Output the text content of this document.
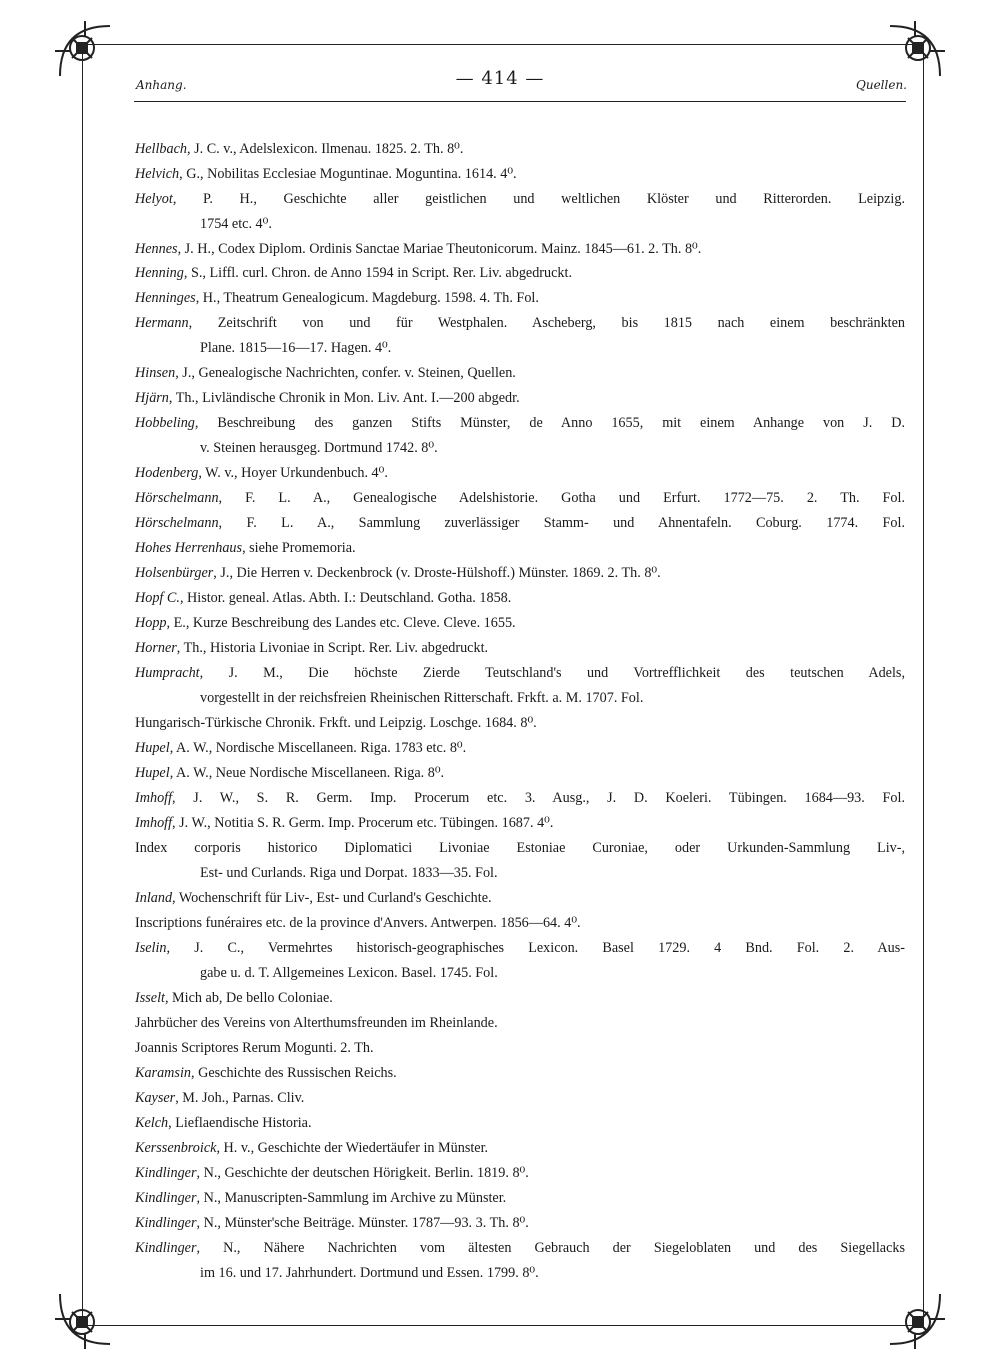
Anhang.	— 414 —	Quellen.
Hellbach, J. C. v., Adelslexicon. Ilmenau. 1825. 2. Th. 8⁰.
Helvich, G., Nobilitas Ecclesiae Moguntinae. Moguntina. 1614. 4⁰.
Helyot, P. H., Geschichte aller geistlichen und weltlichen Klöster und Ritterorden. Leipzig.
1754 etc. 4⁰.
Hennes, J. H., Codex Diplom. Ordinis Sanctae Mariae Theutonicorum. Mainz. 1845—61. 2. Th. 8⁰.
Henning, S., Liffl. curl. Chron. de Anno 1594 in Script. Rer. Liv. abgedruckt.
Henninges, H., Theatrum Genealogicum. Magdeburg. 1598. 4. Th. Fol.
Hermann, Zeitschrift von und für Westphalen. Ascheberg, bis 1815 nach einem beschränkten
Plane. 1815—16—17. Hagen. 4⁰.
Hinsen, J., Genealogische Nachrichten, confer. v. Steinen, Quellen.
Hjärn, Th., Livländische Chronik in Mon. Liv. Ant. I.—200 abgedr.
Hobbeling, Beschreibung des ganzen Stifts Münster, de Anno 1655, mit einem Anhange von J. D.
v. Steinen herausgeg. Dortmund 1742. 8⁰.
Hodenberg, W. v., Hoyer Urkundenbuch. 4⁰.
Hörschelmann, F. L. A., Genealogische Adelshistorie. Gotha und Erfurt. 1772—75. 2. Th. Fol.
Hörschelmann, F. L. A., Sammlung zuverlässiger Stamm- und Ahnentafeln. Coburg. 1774. Fol.
Hohes Herrenhaus, siehe Promemoria.
Holsenbürger, J., Die Herren v. Deckenbrock (v. Droste-Hülshoff.) Münster. 1869. 2. Th. 8⁰.
Hopf C., Histor. geneal. Atlas. Abth. I.: Deutschland. Gotha. 1858.
Hopp, E., Kurze Beschreibung des Landes etc. Cleve. Cleve. 1655.
Horner, Th., Historia Livoniae in Script. Rer. Liv. abgedruckt.
Humpracht, J. M., Die höchste Zierde Teutschland's und Vortrefflichkeit des teutschen Adels,
vorgestellt in der reichsfreien Rheinischen Ritterschaft. Frkft. a. M. 1707. Fol.
Hungarisch-Türkische Chronik. Frkft. und Leipzig. Loschge. 1684. 8⁰.
Hupel, A. W., Nordische Miscellaneen. Riga. 1783 etc. 8⁰.
Hupel, A. W., Neue Nordische Miscellaneen. Riga. 8⁰.
Imhoff, J. W., S. R. Germ. Imp. Procerum etc. 3. Ausg., J. D. Koeleri. Tübingen. 1684—93. Fol.
Imhoff, J. W., Notitia S. R. Germ. Imp. Procerum etc. Tübingen. 1687. 4⁰.
Index corporis historico Diplomatici Livoniae Estoniae Curoniae, oder Urkunden-Sammlung Liv-,
Est- und Curlands. Riga und Dorpat. 1833—35. Fol.
Inland, Wochenschrift für Liv-, Est- und Curland's Geschichte.
Inscriptions funéraires etc. de la province d'Anvers. Antwerpen. 1856—64. 4⁰.
Iselin, J. C., Vermehrtes historisch-geographisches Lexicon. Basel 1729. 4 Bnd. Fol. 2. Aus-
gabe u. d. T. Allgemeines Lexicon. Basel. 1745. Fol.
Isselt, Mich ab, De bello Coloniae.
Jahrbücher des Vereins von Alterthumsfreunden im Rheinlande.
Joannis Scriptores Rerum Mogunti. 2. Th.
Karamsin, Geschichte des Russischen Reichs.
Kayser, M. Joh., Parnas. Cliv.
Kelch, Lieflaendische Historia.
Kerssenbroick, H. v., Geschichte der Wiedertäufer in Münster.
Kindlinger, N., Geschichte der deutschen Hörigkeit. Berlin. 1819. 8⁰.
Kindlinger, N., Manuscripten-Sammlung im Archive zu Münster.
Kindlinger, N., Münster'sche Beiträge. Münster. 1787—93. 3. Th. 8⁰.
Kindlinger, N., Nähere Nachrichten vom ältesten Gebrauch der Siegeloblaten und des Siegellacks
im 16. und 17. Jahrhundert. Dortmund und Essen. 1799. 8⁰.
